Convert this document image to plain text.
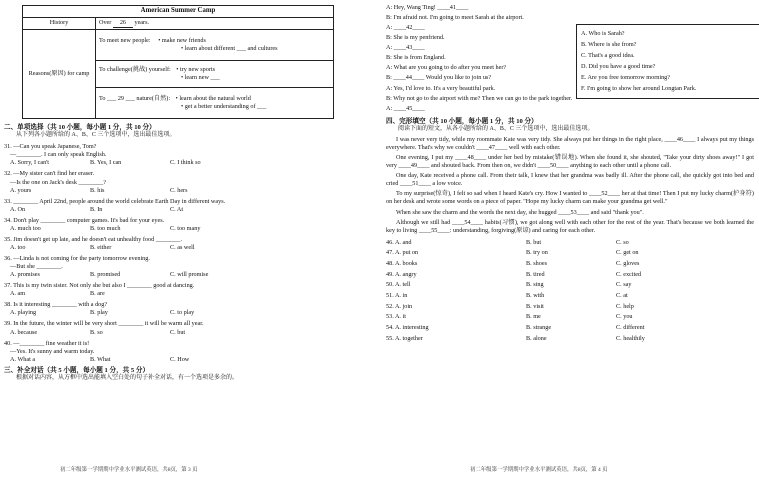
American Summer Camp	
History	Over 26 years.
Reasons(原因) for camp	To meet new people: • make new friends
• learn about different ___ and cultures
	To challenge(挑战) yourself: • try new sports
• learn new ___
	To ___ 29 ___ nature(自然): • learn about the natural world
• get a better understanding of ___
二、单项选择（共 10 小题，每小题 1 分，共 10 分）
从下列各小题所给的 A、B、C 三个选项中，选出最佳选项。
31. —Can you speak Japanese, Tom?
—________. I can only speak English.
A. Sorry, I can't	B. Yes, I can	C. I think so
32. —My sister can't find her eraser.
—Is the one on Jack's desk ________?
A. yours	B. his	C. hers
33. ________ April 22nd, people around the world celebrate Earth Day in different ways.
A. On	B. In	C. At
34. Don't play ________ computer games. It's bad for your eyes.
A. much too	B. too much	C. too many
35. Jim doesn't get up late, and he doesn't eat unhealthy food ________.
A. too	B. either	C. as well
36. —Linda is not coming for the party tomorrow evening.
—But she ________.
A. promises	B. promised	C. will promise
37. This is my twin sister. Not only she but also I ________ good at dancing.
A. am	B. are
38. Is it interesting ________ with a dog?
A. playing	B. play	C. to play
39. In the future, the winter will be very short ________ it will be warm all year.
A. because	B. so	C. but
40. —________ fine weather it is!
—Yes. It's sunny and warm today.
A. What a	B. What	C. How
三、补全对话（共 5 小题，每小题 1 分，共 5 分）
根据对话内容，从方框中选出能填入空白处的句子补全对话，有一个选项是多余的。
A: Hey, Wang Ting! ____41____
B: I'm afraid not. I'm going to meet Sarah at the airport.
A: ____42____
B: She is my penfriend.
A: ____43____
B: She is from England.
A: What are you going to do after you meet her?
B: ____44____ Would you like to join us?
A: Yes, I'd love to. It's a very beautiful park.
B: Why not go to the airport with me? Then we can go to the park together.
A: ____45____
A. Who is Sarah?
B. Where is she from?
C. That's a good idea.
D. Did you have a good time?
E. Are you free tomorrow morning?
F. I'm going to show her around Longtan Park.
四、完形填空（共 10 小题，每小题 1 分，共 10 分）
阅读下面的短文，从各小题所给的 A、B、C 三个选项中，选出最佳选项。
I was never very tidy, while my roommate Kate was very tidy. She always put her things in the right place, ____46____ I always put my things everywhere. That's why we couldn't ____47____ well with each other.
One evening, I put my ____48____ under her bed by mistake(错误地). When she found it, she shouted, "Take your dirty shoes away!" I got very ____49____ and shouted back. From then on, we didn't ____50____ anything to each other until a phone call.
One day, Kate received a phone call. From their talk, I knew that her grandma was badly ill. After the phone call, she quickly got into bed and cried ____51____ a low voice.
To my surprise(惊奇), I felt so sad when I heard Kate's cry. How I wanted to ____52____ her at that time! Then I put my lucky charm(护身符) on her desk and wrote some words on a piece of paper. "Hope my lucky charm can make your grandma get well."
When she saw the charm and the words the next day, she hugged ____53____ and said "thank you".
Although we still had ____54____ habits(习惯), we got along well with each other for the rest of the year. That's because we both learned the key to living ____55____: understanding, forgiving(原谅) and caring for each other.
46. A. and	B. but	C. so
47. A. put on	B. try on	C. get on
48. A. books	B. shoes	C. gloves
49. A. angry	B. tired	C. excited
50. A. tell	B. sing	C. say
51. A. in	B. with	C. at
52. A. join	B. visit	C. help
53. A. it	B. me	C. you
54. A. interesting	B. strange	C. different
55. A. together	B. alone	C. healthily
初二年级第一学期期中学业水平测试英语，共8页，第 3 页	初二年级第一学期期中学业水平测试英语，共8页，第 4 页
